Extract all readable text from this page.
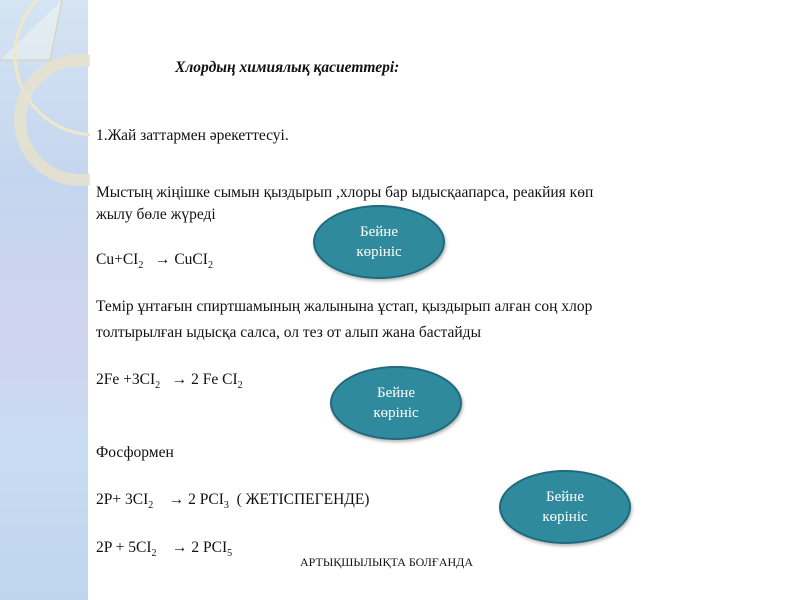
Хлордың химиялық қасиеттері:
1.Жай заттармен әрекеттесуі.
Мыстың жіңішке сымын қыздырып ,хлоры бар ыдысқаапарса, реакйия көп
жылу бөле жүреді
$Cu+CI_2$ → CuCI$_2$
Темір ұнтағын спиртшамының жалынына ұстап, қыздырып алған соң хлор
толтырылған ыдысқа салса, ол тез от алып жана бастайды
$2Fe +3CI_2 \to 2$ Fe $CI_2$
Фосформен
$2P+ 3CI_2 \to 2$ $PCI_3$ ( ЖЕТІСПЕГЕНДЕ)
$2P + 5CI_2 \to 2$ $PCI_5$
АРТЫҚШЫЛЫҚТА БОЛҒАНДА
Бейне
көрініс
Бейне
көрініс
Бейне
көрініс
